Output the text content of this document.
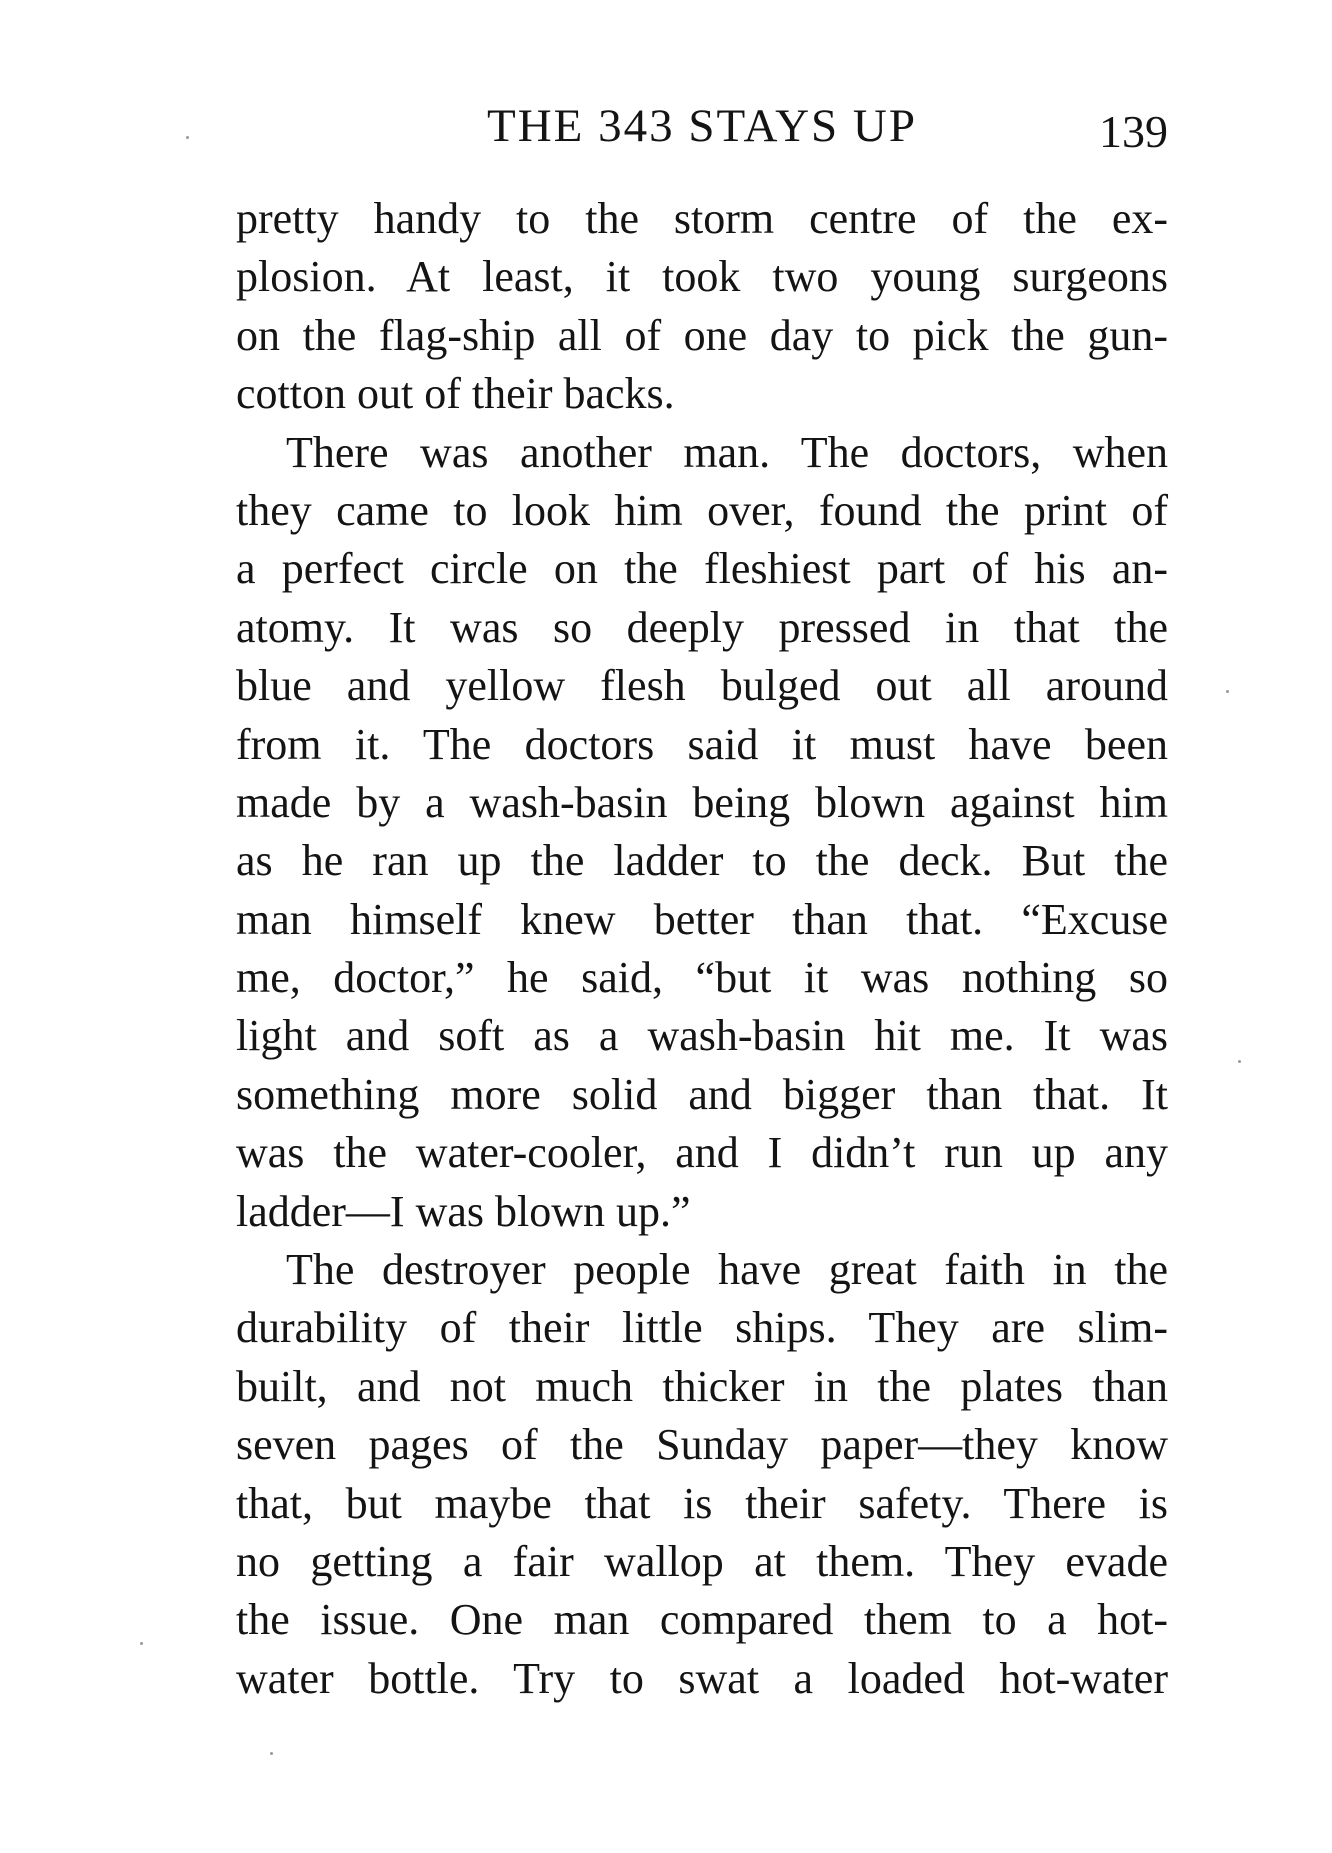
THE 343 STAYS UP	139
pretty handy to the storm centre of the ex-
plosion. At least, it took two young surgeons
on the flag-ship all of one day to pick the gun-
cotton out of their backs.
There was another man. The doctors, when
they came to look him over, found the print of
a perfect circle on the fleshiest part of his an-
atomy. It was so deeply pressed in that the
blue and yellow flesh bulged out all around
from it. The doctors said it must have been
made by a wash-basin being blown against him
as he ran up the ladder to the deck. But the
man himself knew better than that. “Excuse
me, doctor,” he said, “but it was nothing so
light and soft as a wash-basin hit me. It was
something more solid and bigger than that. It
was the water-cooler, and I didn’t run up any
ladder—I was blown up.”
The destroyer people have great faith in the
durability of their little ships. They are slim-
built, and not much thicker in the plates than
seven pages of the Sunday paper—they know
that, but maybe that is their safety. There is
no getting a fair wallop at them. They evade
the issue. One man compared them to a hot-
water bottle. Try to swat a loaded hot-water
